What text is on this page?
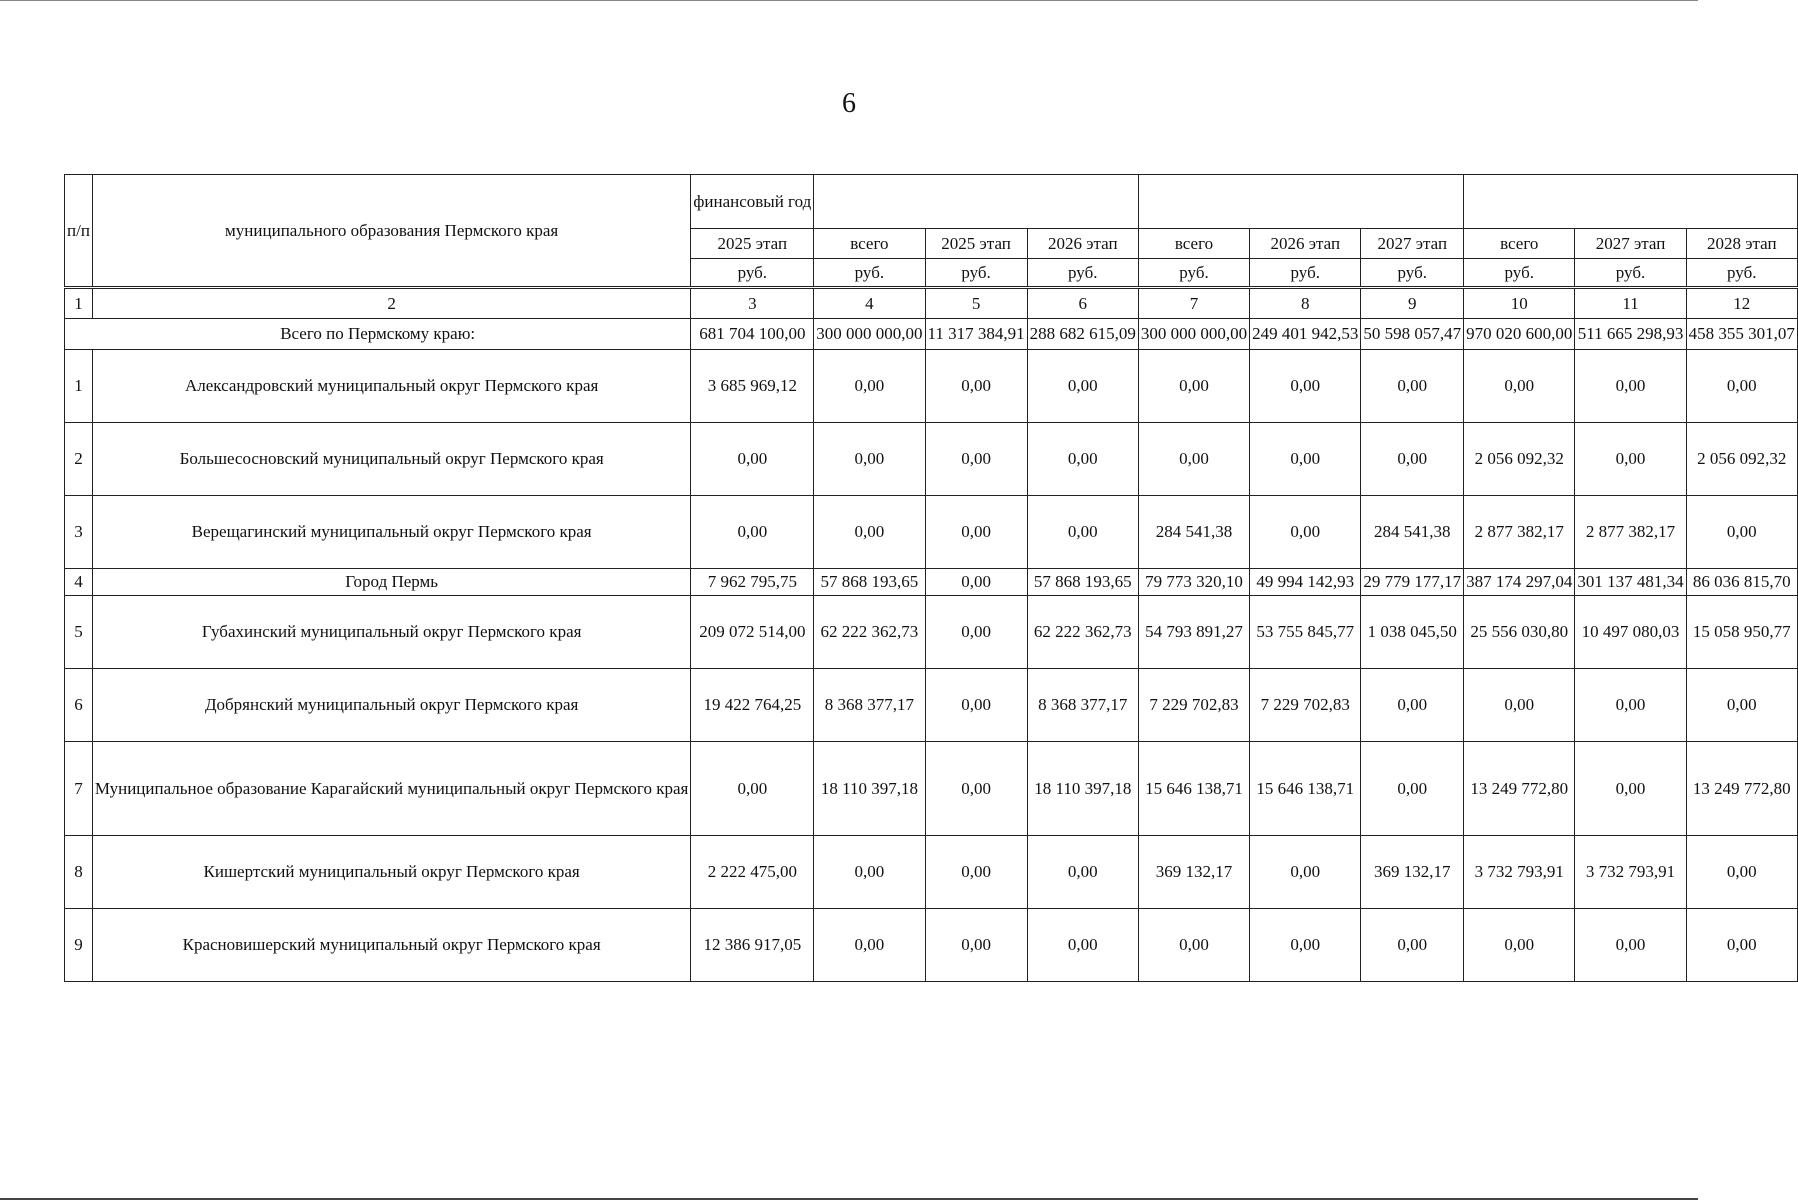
6
п/п	муниципального образования Пермского края	финансовый год									
		2025 этап	всего	2025 этап	2026 этап	всего	2026 этап	2027 этап	всего	2027 этап	2028 этап
		руб.	руб.	руб.	руб.	руб.	руб.	руб.	руб.	руб.	руб.
1	2	3	4	5	6	7	8	9	10	11	12
Всего по Пермскому краю:		681 704 100,00	300 000 000,00	11 317 384,91	288 682 615,09	300 000 000,00	249 401 942,53	50 598 057,47	970 020 600,00	511 665 298,93	458 355 301,07
1	Александровский муниципальный округ Пермского края	3 685 969,12	0,00	0,00	0,00	0,00	0,00	0,00	0,00	0,00	0,00
2	Большесосновский муниципальный округ Пермского края	0,00	0,00	0,00	0,00	0,00	0,00	0,00	2 056 092,32	0,00	2 056 092,32
3	Верещагинский муниципальный округ Пермского края	0,00	0,00	0,00	0,00	284 541,38	0,00	284 541,38	2 877 382,17	2 877 382,17	0,00
4	Город Пермь	7 962 795,75	57 868 193,65	0,00	57 868 193,65	79 773 320,10	49 994 142,93	29 779 177,17	387 174 297,04	301 137 481,34	86 036 815,70
5	Губахинский муниципальный округ Пермского края	209 072 514,00	62 222 362,73	0,00	62 222 362,73	54 793 891,27	53 755 845,77	1 038 045,50	25 556 030,80	10 497 080,03	15 058 950,77
6	Добрянский муниципальный округ Пермского края	19 422 764,25	8 368 377,17	0,00	8 368 377,17	7 229 702,83	7 229 702,83	0,00	0,00	0,00	0,00
7	Муниципальное образование Карагайский муниципальный округ Пермского края	0,00	18 110 397,18	0,00	18 110 397,18	15 646 138,71	15 646 138,71	0,00	13 249 772,80	0,00	13 249 772,80
8	Кишертский муниципальный округ Пермского края	2 222 475,00	0,00	0,00	0,00	369 132,17	0,00	369 132,17	3 732 793,91	3 732 793,91	0,00
9	Красновишерский муниципальный округ Пермского края	12 386 917,05	0,00	0,00	0,00	0,00	0,00	0,00	0,00	0,00	0,00
